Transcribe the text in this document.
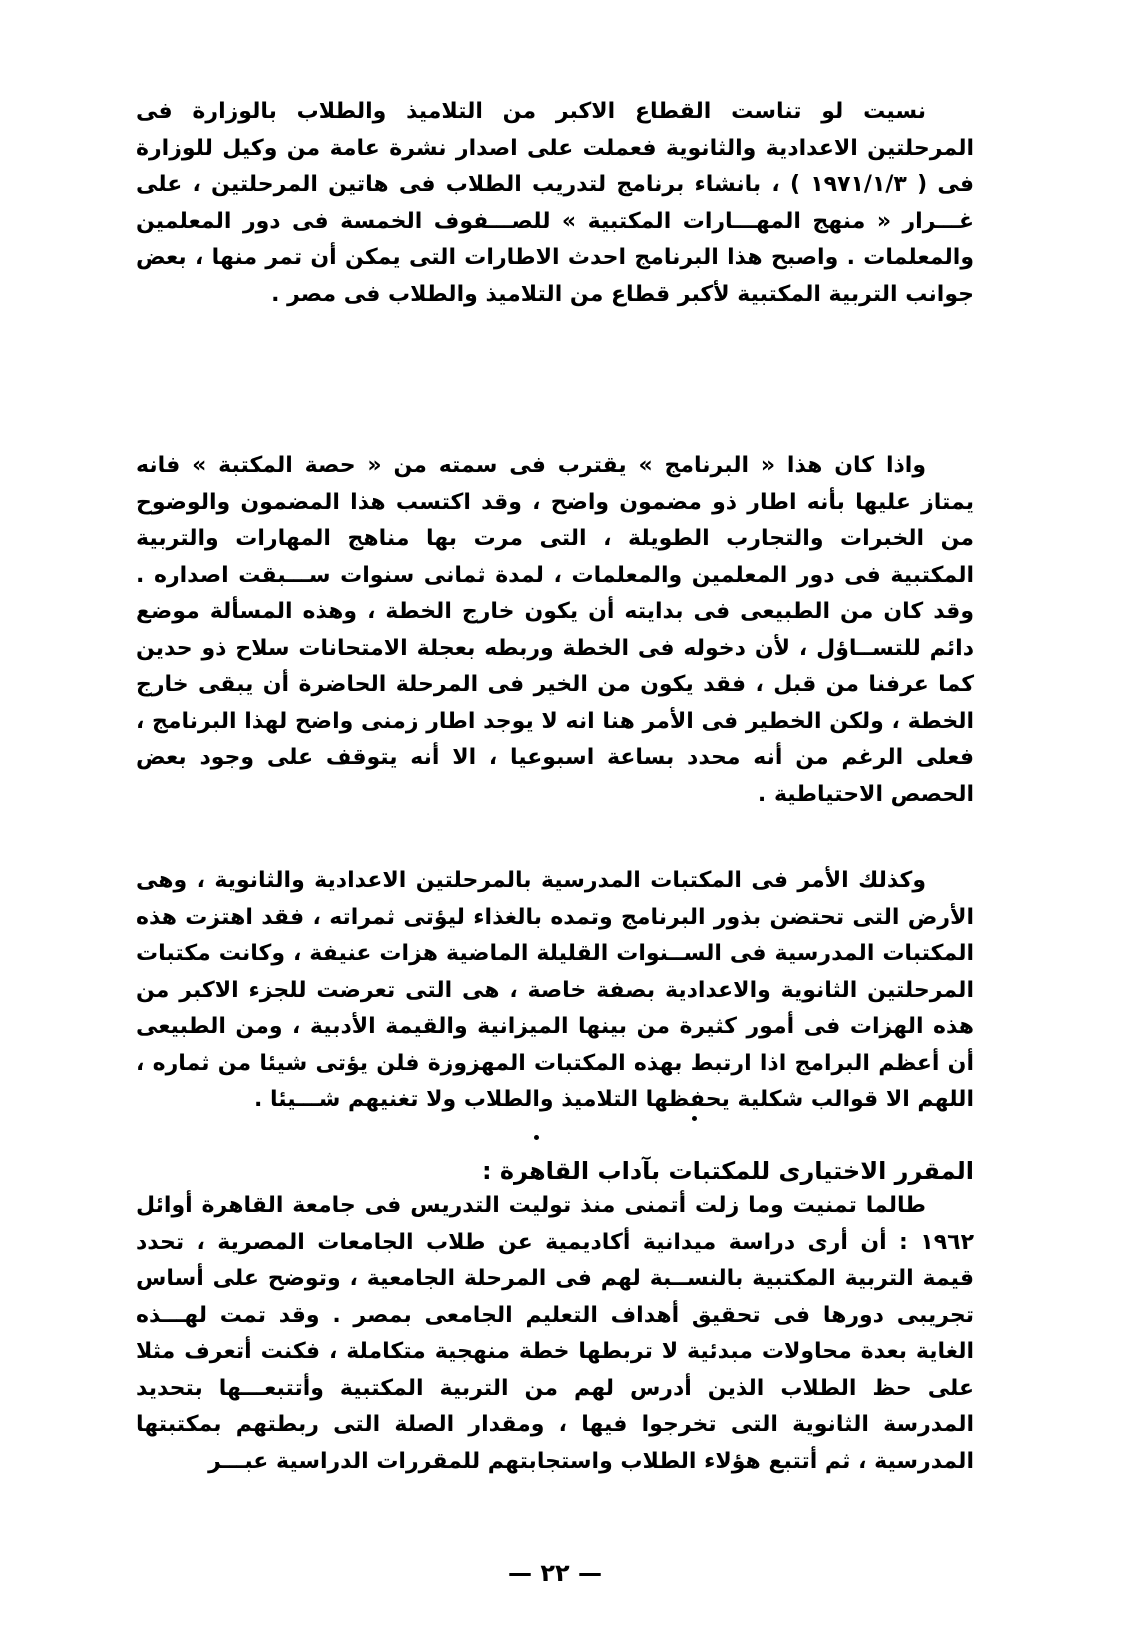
نسيت لو تناست القطاع الاكبر من التلاميذ والطلاب بالوزارة فى المرحلتين الاعدادية والثانوية فعملت على اصدار نشرة عامة من وكيل للوزارة فى ( ١٩٧١/١/٣ ) ، بانشاء برنامج لتدريب الطلاب فى هاتين المرحلتين ، على غـــرار « منهج المهـــارات المكتبية » للصـــفوف الخمسة فى دور المعلمين والمعلمات . واصبح هذا البرنامج احدث الاطارات التى يمكن أن تمر منها ، بعض جوانب التربية المكتبية لأكبر قطاع من التلاميذ والطلاب فى مصر .

واذا كان هذا « البرنامج » يقترب فى سمته من « حصة المكتبة » فانه يمتاز عليها بأنه اطار ذو مضمون واضح ، وقد اكتسب هذا المضمون والوضوح من الخبرات والتجارب الطويلة ، التى مرت بها مناهج المهارات والتربية المكتبية فى دور المعلمين والمعلمات ، لمدة ثمانى سنوات ســـبقت اصداره . وقد كان من الطبيعى فى بدايته أن يكون خارج الخطة ، وهذه المسألة موضع دائم للتســاؤل ، لأن دخوله فى الخطة وربطه بعجلة الامتحانات سلاح ذو حدين كما عرفنا من قبل ، فقد يكون من الخير فى المرحلة الحاضرة أن يبقى خارج الخطة ، ولكن الخطير فى الأمر هنا انه لا يوجد اطار زمنى واضح لهذا البرنامج ، فعلى الرغم من أنه محدد بساعة اسبوعيا ، الا أنه يتوقف على وجود بعض الحصص الاحتياطية .

وكذلك الأمر فى المكتبات المدرسية بالمرحلتين الاعدادية والثانوية ، وهى الأرض التى تحتضن بذور البرنامج وتمده بالغذاء ليؤتى ثمراته ، فقد اهتزت هذه المكتبات المدرسية فى الســنوات القليلة الماضية هزات عنيفة ، وكانت مكتبات المرحلتين الثانوية والاعدادية بصفة خاصة ، هى التى تعرضت للجزء الاكبر من هذه الهزات فى أمور كثيرة من بينها الميزانية والقيمة الأدبية ، ومن الطبيعى أن أعظم البرامج اذا ارتبط بهذه المكتبات المهزوزة فلن يؤتى شيئا من ثماره ، اللهم الا قوالب شكلية يحفظها التلاميذ والطلاب ولا تغنيهم شـــيئا .

المقرر الاختيارى للمكتبات بآداب القاهرة :

طالما تمنيت وما زلت أتمنى منذ توليت التدريس فى جامعة القاهرة أوائل ١٩٦٢ : أن أرى دراسة ميدانية أكاديمية عن طلاب الجامعات المصرية ، تحدد قيمة التربية المكتبية بالنســبة لهم فى المرحلة الجامعية ، وتوضح على أساس تجريبى دورها فى تحقيق أهداف التعليم الجامعى بمصر . وقد تمت لهـــذه الغاية بعدة محاولات مبدئية لا تربطها خطة منهجية متكاملة ، فكنت أتعرف مثلا على حظ الطلاب الذين أدرس لهم من التربية المكتبية وأتتبعـــها بتحديد المدرسة الثانوية التى تخرجوا فيها ، ومقدار الصلة التى ربطتهم بمكتبتها المدرسية ، ثم أتتبع هؤلاء الطلاب واستجابتهم للمقررات الدراسية عبـــر

— ٢٢ —
